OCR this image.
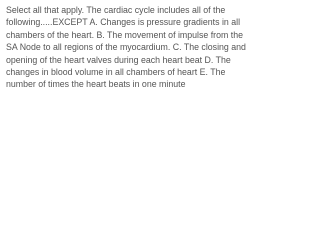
Select all that apply. The cardiac cycle includes all of the following.....EXCEPT A. Changes is pressure gradients in all chambers of the heart. B. The movement of impulse from the SA Node to all regions of the myocardium. C. The closing and opening of the heart valves during each heart beat D. The changes in blood volume in all chambers of heart E. The number of times the heart beats in one minute
